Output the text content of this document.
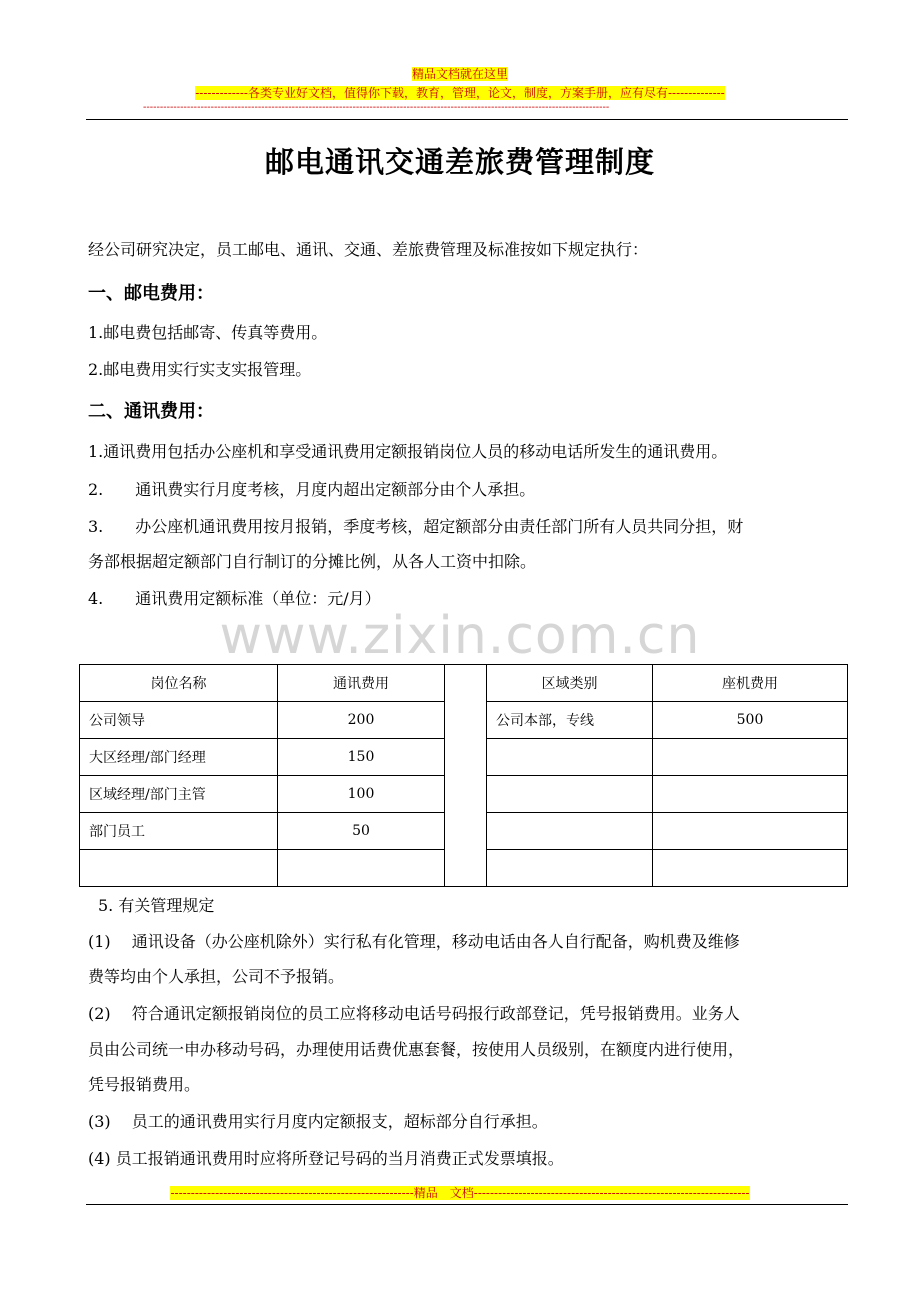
精品文档就在这里
-------------各类专业好文档，值得你下载，教育，管理，论文，制度，方案手册，应有尽有--------------
------------------------------------------------------------------------------------------------------------------------------------------
邮电通讯交通差旅费管理制度
经公司研究决定，员工邮电、通讯、交通、差旅费管理及标准按如下规定执行：
一、邮电费用：
1.邮电费包括邮寄、传真等费用。
2.邮电费用实行实支实报管理。
二、通讯费用：
1.通讯费用包括办公座机和享受通讯费用定额报销岗位人员的移动电话所发生的通讯费用。
2.　　通讯费实行月度考核，月度内超出定额部分由个人承担。
3.　　办公座机通讯费用按月报销，季度考核，超定额部分由责任部门所有人员共同分担，财
务部根据超定额部门自行制订的分摊比例，从各人工资中扣除。
4.　　通讯费用定额标准（单位：元/月）
www.zixin.com.cn
岗位名称	通讯费用		区域类别	座机费用
公司领导	200		公司本部，专线	500
大区经理/部门经理	150			
区域经理/部门主管	100			
部门员工	50			

5. 有关管理规定
(1)　 通讯设备（办公座机除外）实行私有化管理，移动电话由各人自行配备，购机费及维修
费等均由个人承担，公司不予报销。
(2)　 符合通讯定额报销岗位的员工应将移动电话号码报行政部登记，凭号报销费用。业务人
员由公司统一申办移动号码，办理使用话费优惠套餐，按使用人员级别，在额度内进行使用，
凭号报销费用。
(3)　 员工的通讯费用实行月度内定额报支，超标部分自行承担。
(4) 员工报销通讯费用时应将所登记号码的当月消费正式发票填报。
------------------------------------------------------------精品　文档--------------------------------------------------------------------
